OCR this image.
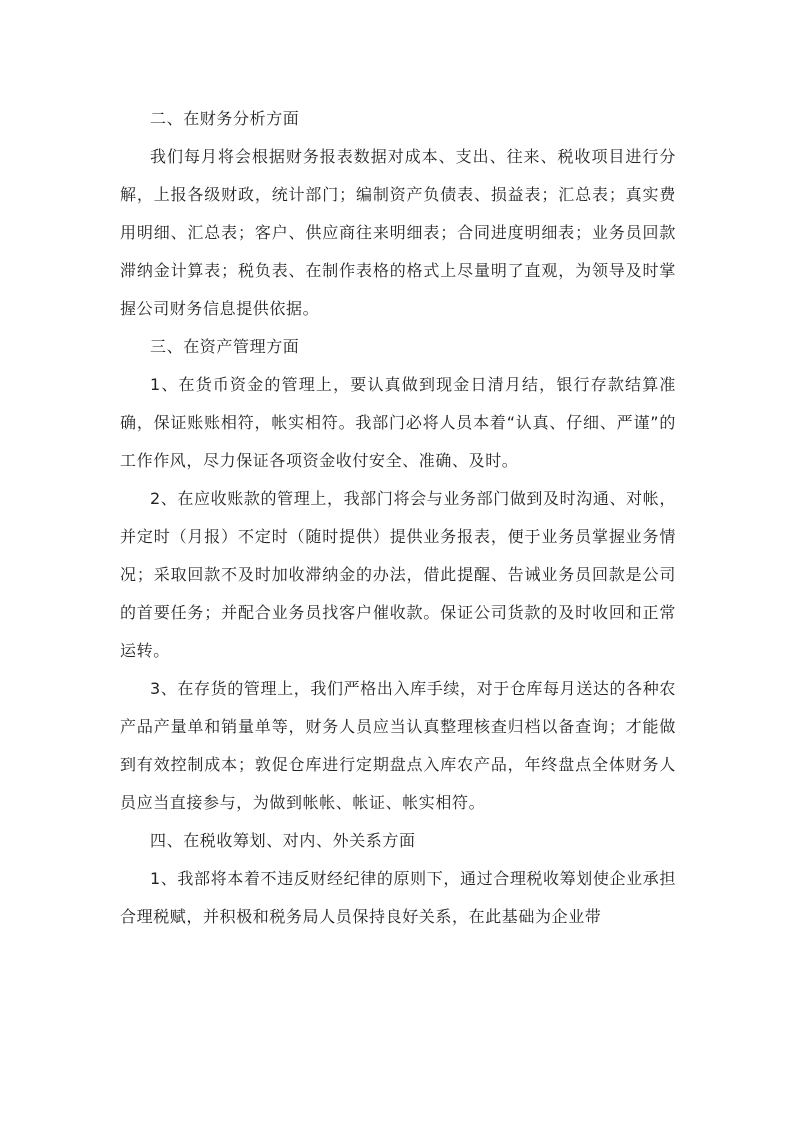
二、在财务分析方面

我们每月将会根据财务报表数据对成本、支出、往来、税收项目进行分解，上报各级财政，统计部门；编制资产负债表、损益表；汇总表；真实费用明细、汇总表；客户、供应商往来明细表；合同进度明细表；业务员回款滞纳金计算表；税负表、在制作表格的格式上尽量明了直观，为领导及时掌握公司财务信息提供依据。

三、在资产管理方面

1、在货币资金的管理上，要认真做到现金日清月结，银行存款结算准确，保证账账相符，帐实相符。我部门必将人员本着“认真、仔细、严谨”的工作作风，尽力保证各项资金收付安全、准确、及时。

2、在应收账款的管理上，我部门将会与业务部门做到及时沟通、对帐，并定时（月报）不定时（随时提供）提供业务报表，便于业务员掌握业务情况；采取回款不及时加收滞纳金的办法，借此提醒、告诫业务员回款是公司的首要任务；并配合业务员找客户催收款。保证公司货款的及时收回和正常运转。

3、在存货的管理上，我们严格出入库手续，对于仓库每月送达的各种农产品产量单和销量单等，财务人员应当认真整理核查归档以备查询；才能做到有效控制成本；敦促仓库进行定期盘点入库农产品，年终盘点全体财务人员应当直接参与，为做到帐帐、帐证、帐实相符。

四、在税收筹划、对内、外关系方面

1、我部将本着不违反财经纪律的原则下，通过合理税收筹划使企业承担合理税赋，并积极和税务局人员保持良好关系，在此基础为企业带
